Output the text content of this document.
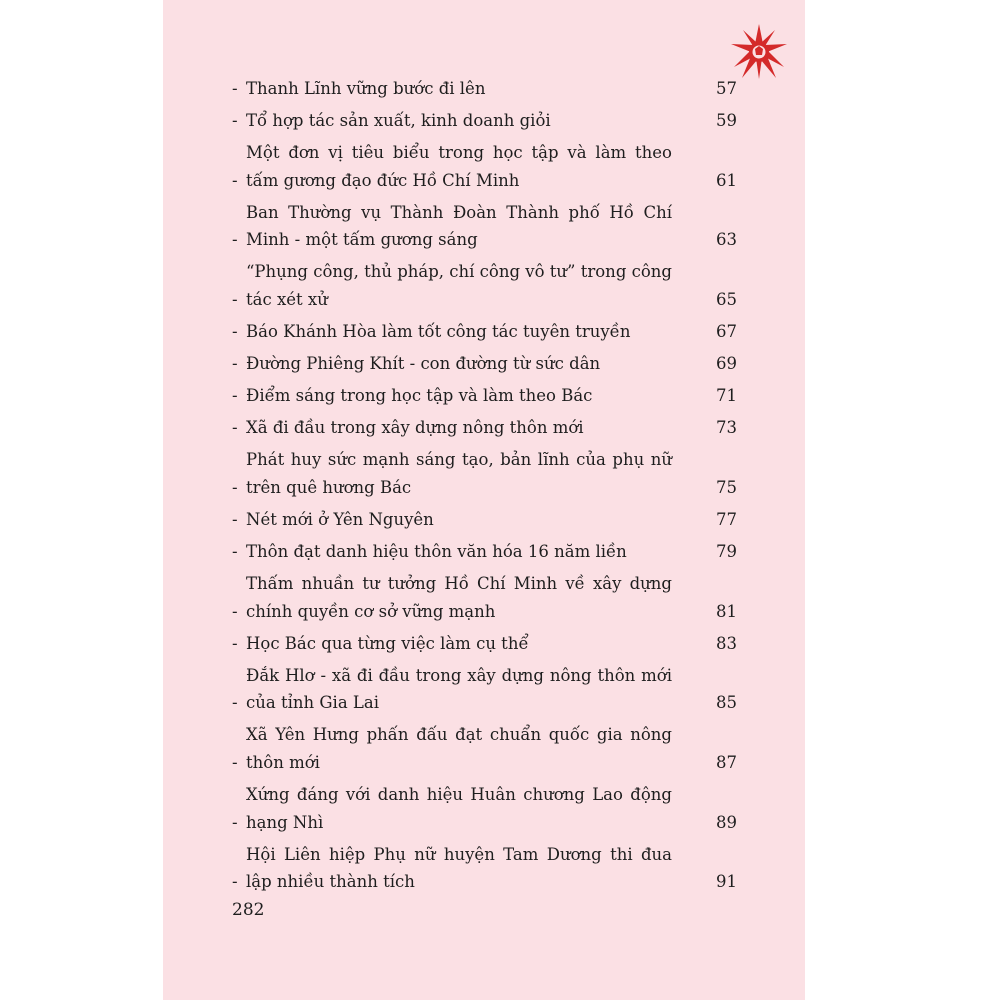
- Thanh Lĩnh vững bước đi lên	57
- Tổ hợp tác sản xuất, kinh doanh giỏi	59
-
Một đơn vị tiêu biểu trong học tập và làm theo tấm gương đạo đức Hồ Chí Minh	61
-
Ban Thường vụ Thành Đoàn Thành phố Hồ Chí Minh - một tấm gương sáng	63
-
“Phụng công, thủ pháp, chí công vô tư” trong công tác xét xử	65
- Báo Khánh Hòa làm tốt công tác tuyên truyền	67
- Đường Phiêng Khít - con đường từ sức dân	69
- Điểm sáng trong học tập và làm theo Bác	71
- Xã đi đầu trong xây dựng nông thôn mới	73
-
Phát huy sức mạnh sáng tạo, bản lĩnh của phụ nữ trên quê hương Bác	75
- Nét mới ở Yên Nguyên	77
- Thôn đạt danh hiệu thôn văn hóa 16 năm liền	79
-
Thấm nhuần tư tưởng Hồ Chí Minh về xây dựng chính quyền cơ sở vững mạnh	81
- Học Bác qua từng việc làm cụ thể	83
-
Đắk Hlơ - xã đi đầu trong xây dựng nông thôn mới của tỉnh Gia Lai	85
-
Xã Yên Hưng phấn đấu đạt chuẩn quốc gia nông thôn mới	87
-
Xứng đáng với danh hiệu Huân chương Lao động hạng Nhì	89
-
Hội Liên hiệp Phụ nữ huyện Tam Dương thi đua lập nhiều thành tích	91
282
